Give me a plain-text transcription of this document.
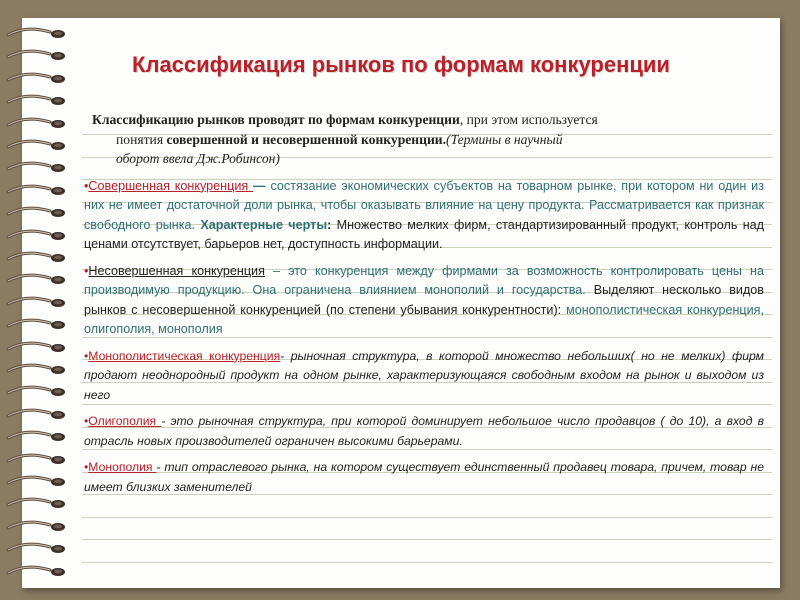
Классификация рынков по формам конкуренции
Классификацию рынков проводят по формам конкуренции, при этом используется
понятия совершенной и несовершенной конкуренции.(Термины в научный
оборот ввела Дж.Робинсон)
•Совершенная конкуренция — состязание экономических субъектов на товарном рынке, при котором ни один из них не имеет достаточной доли рынка, чтобы оказывать влияние на цену продукта. Рассматривается как признак свободного рынка. Характерные черты: Множество мелких фирм, стандартизированный продукт, контроль над ценами отсутствует, барьеров нет, доступность информации.
•Несовершенная конкуренция – это конкуренция между фирмами за возможность контролировать цены на производимую продукцию. Она ограничена влиянием монополий и государства. Выделяют несколько видов рынков с несовершенной конкуренцией (по степени убывания конкурентности): монополистическая конкуренция, олигополия, монополия
•Монополистическая конкуренция- рыночная структура, в которой множество небольших( но не мелких) фирм продают неоднородный продукт на одном рынке, характеризующаяся свободным входом на рынок и выходом из него
•Олигополия - это рыночная структура, при которой доминирует небольшое число продавцов ( до 10), а вход в отрасль новых производителей ограничен высокими барьерами.
•Монополия - тип отраслевого рынка, на котором существует единственный продавец товара, причем, товар не имеет близких заменителей
